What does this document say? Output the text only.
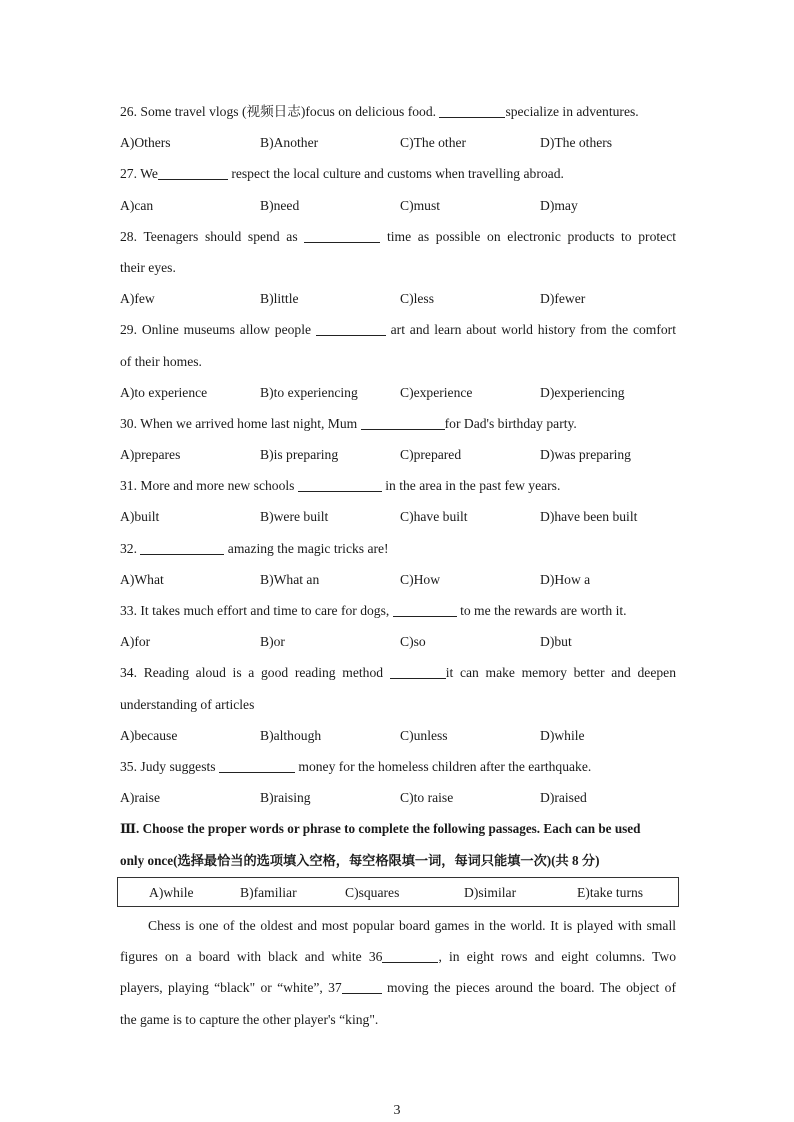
26. Some travel vlogs (视频日志)focus on delicious food.	specialize in adventures.
A)Others	B)Another	C)The other	D)The others
27. We	respect the local culture and customs when travelling abroad.
A)can	B)need	C)must	D)may
28. Teenagers should spend as	time as possible on electronic products to protect
their eyes.
A)few	B)little	C)less	D)fewer
29. Online museums allow people	art and learn about world history from the comfort
of their homes.
A)to experience	B)to experiencing	C)experience	D)experiencing
30. When we arrived home last night, Mum	for Dad's birthday party.
A)prepares	B)is preparing	C)prepared	D)was preparing
31. More and more new schools	in the area in the past few years.
A)built	B)were built	C)have built	D)have been built
32.	amazing the magic tricks are!
A)What	B)What an	C)How	D)How a
33. It takes much effort and time to care for dogs,	to me the rewards are worth it.
A)for	B)or	C)so	D)but
34. Reading aloud is a good reading method	it can make memory better and deepen
understanding of articles
A)because	B)although	C)unless	D)while
35. Judy suggests	money for the homeless children after the earthquake.
A)raise	B)raising	C)to raise	D)raised
Ⅲ. Choose the proper words or phrase to complete the following passages. Each can be used
only once(选择最恰当的选项填入空格，每空格限填一词，每词只能填一次)(共 8 分)
A)while	B)familiar	C)squares	D)similar	E)take turns
Chess is one of the oldest and most popular board games in the world. It is played with small
figures on a board with black and white 36	, in eight rows and eight columns. Two
players, playing “black" or “white”, 37	moving the pieces around the board. The object of
the game is to capture the other player's “king".
3
